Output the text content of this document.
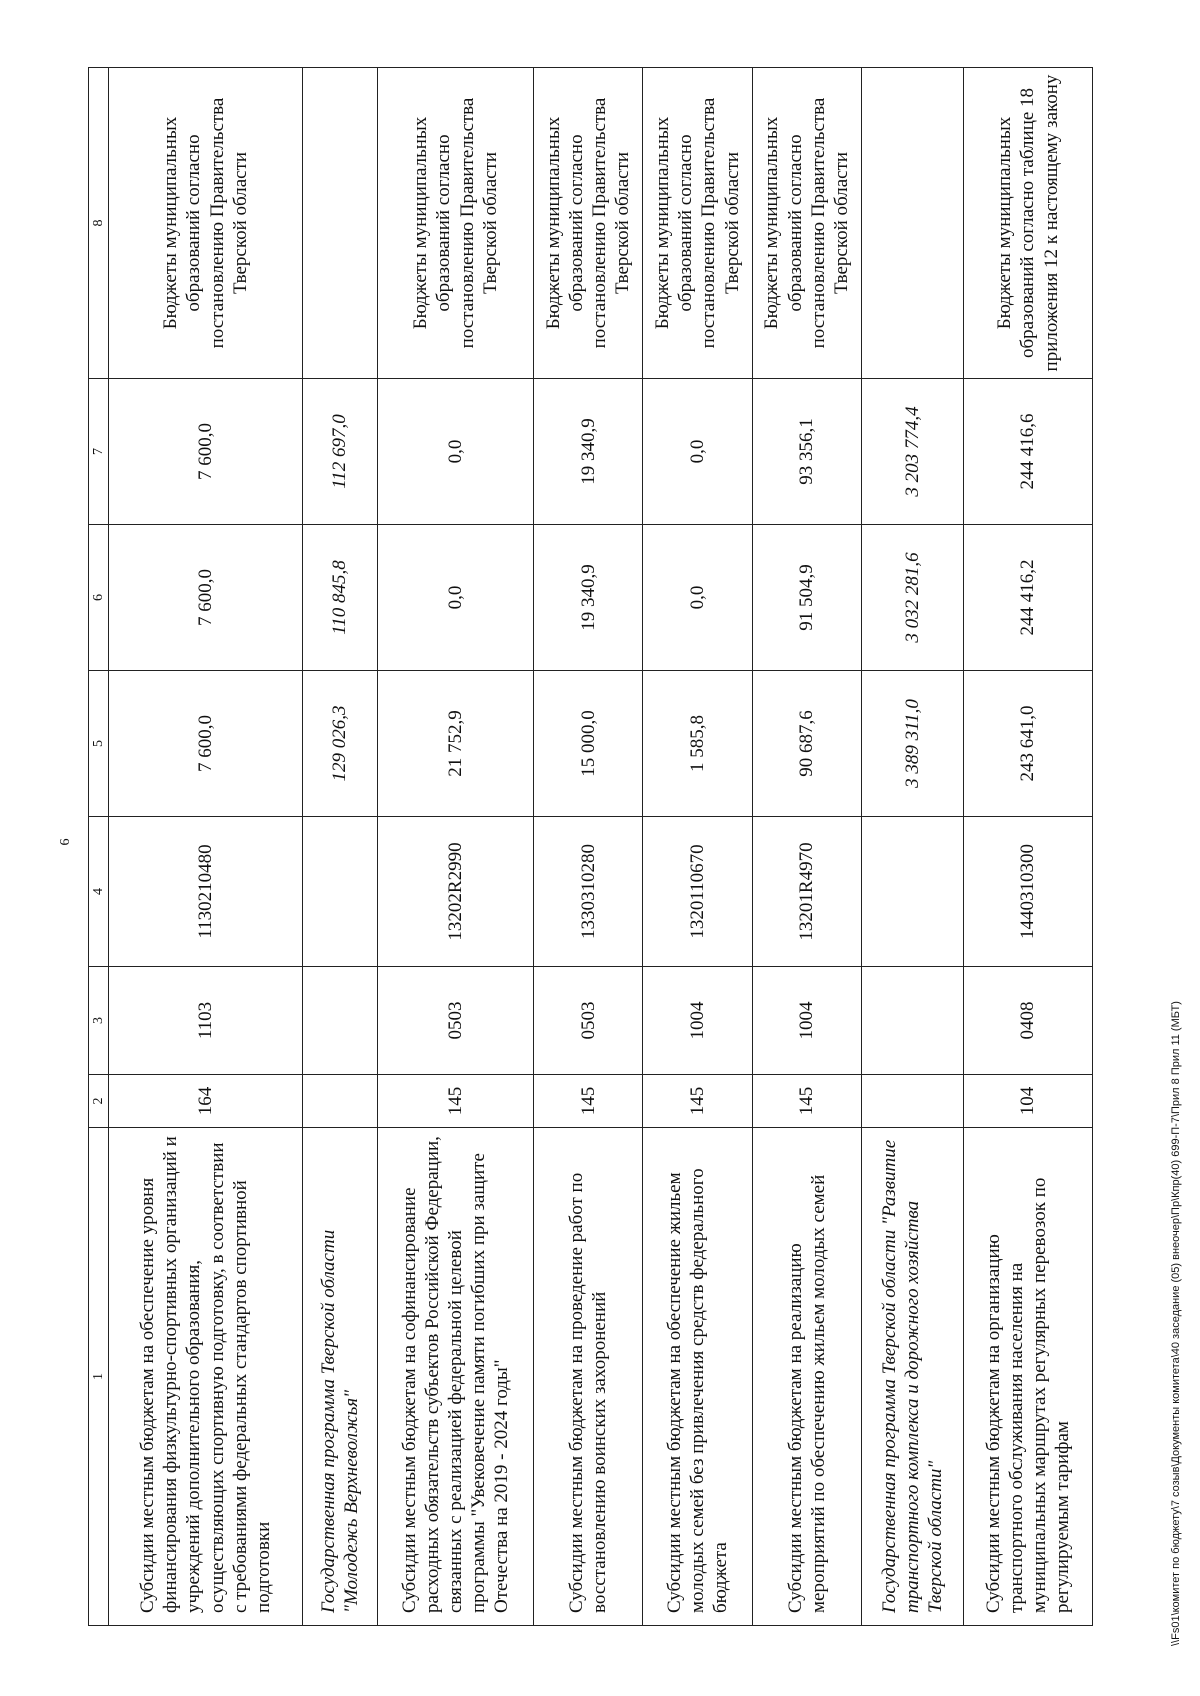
6
1	2	3	4	5	6	7	8
Субсидии местным бюджетам на обеспечение уровня финансирования физкультурно-спортивных организаций и учреждений дополнительного образования, осуществляющих спортивную подготовку, в соответствии с требованиями федеральных стандартов спортивной подготовки	164	1103	1130210480	7 600,0	7 600,0	7 600,0	Бюджеты муниципальных образований согласно постановлению Правительства Тверской области
Государственная программа Тверской области "Молодежь Верхневолжья"				129 026,3	110 845,8	112 697,0	
Субсидии местным бюджетам на софинансирование расходных обязательств субъектов Российской Федерации, связанных с реализацией федеральной целевой программы "Увековечение памяти погибших при защите Отечества на 2019 - 2024 годы"	145	0503	13202R2990	21 752,9	0,0	0,0	Бюджеты муниципальных образований согласно постановлению Правительства Тверской области
Субсидии местным бюджетам на проведение работ по восстановлению воинских захоронений	145	0503	1330310280	15 000,0	19 340,9	19 340,9	Бюджеты муниципальных образований согласно постановлению Правительства Тверской области
Субсидии местным бюджетам на обеспечение жильем молодых семей без привлечения средств федерального бюджета	145	1004	1320110670	1 585,8	0,0	0,0	Бюджеты муниципальных образований согласно постановлению Правительства Тверской области
Субсидии местным бюджетам на реализацию мероприятий по обеспечению жильем молодых семей	145	1004	13201R4970	90 687,6	91 504,9	93 356,1	Бюджеты муниципальных образований согласно постановлению Правительства Тверской области
Государственная программа Тверской области "Развитие транспортного комплекса и дорожного хозяйства Тверской области"				3 389 311,0	3 032 281,6	3 203 774,4	
Субсидии местным бюджетам на организацию транспортного обслуживания населения на муниципальных маршрутах регулярных перевозок по регулируемым тарифам	104	0408	1440310300	243 641,0	244 416,2	244 416,6	Бюджеты муниципальных образований согласно таблице 18 приложения 12 к настоящему закону
\\Fs01\комитет по бюджету\7 созыв\Документы комитета\40 заседание (05) внеочер\Пр\Кпр(40) 699-П-7\Прил 8 Прил 11 (МБТ)
